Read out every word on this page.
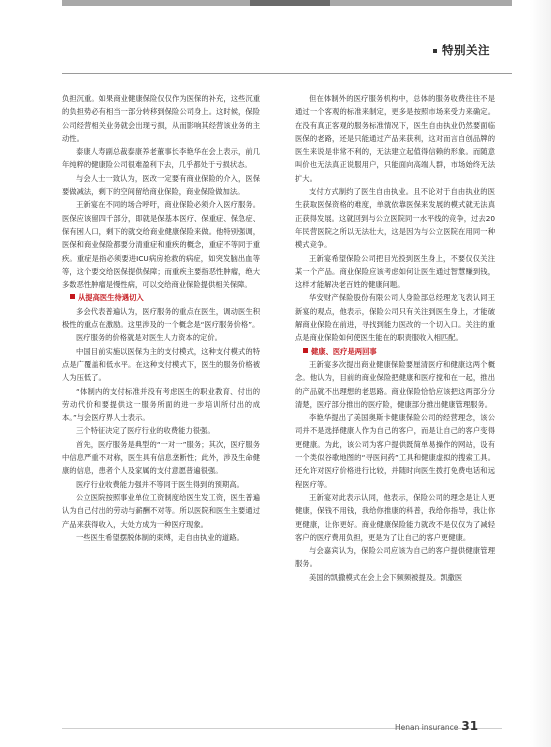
特别关注

负担沉重。如果商业健康保险仅仅作为医保的补充，这些沉重的负担势必有相当一部分转移到保险公司身上。这时候，保险公司经营相关业务就会出现亏损，从而影响其经营该业务的主动性。

泰康人寿副总裁泰康养老董事长李艳华在会上表示，前几年纯粹的健康险公司很难盈利下去，几乎都处于亏损状态。

与会人士一致认为，医改一定要有商业保险的介入，医保要做减法，剩下的空间留给商业保险，商业保险做加法。

王新宴在不同的场合呼吁，商业保险必须介入医疗服务。医保应该留四千部分，即就是保基本医疗、保重症、保急症、保有困人口，剩下的就交给商业健康保险来做。他特别强调，医保和商业保险都要分清重症和重疾的概念，重症不等同于重疾。重症是指必须要进ICU病房抢救的病症，如突发脑出血等等，这个要交给医保提供保障；而重疾主要指恶性肿瘤，绝大多数恶性肿瘤是慢性病，可以交给商业保险提供相关保障。

从提高医生待遇切入

多会代表普遍认为，医疗服务的重点在医生，调动医生积极性的重点在激励。这里涉及的一个概念是“医疗服务价格”。

医疗服务的价格就是对医生人力资本的定价。

中国目前实施以医保为主的支付模式，这种支付模式的特点是广覆盖和低水平。在这种支付模式下，医生的服务价格被人为压低了。

“体制内的支付标准并没有考虑医生的职业教育、付出的劳动代价和要提供这一服务所面的进一步培训所付出的成本。”与会医疗界人士表示。

三个特征决定了医疗行业的收费能力很强。

首先，医疗服务是典型的“一对一”服务；其次，医疗服务中信息严重不对称，医生具有信息垄断性；此外，涉及生命健康的信息，患者个人及家属的支付意愿普遍很强。

医疗行业收费能力强并不等同于医生得到的预期高。

公立医院按照事业单位工资制度给医生发工资，医生普遍认为自己付出的劳动与薪酬不对等。所以医院和医生主要通过产品来获得收入，大处方成为一种医疗现象。

一些医生希望摆脱体制的束缚，走自由执业的道路。

但在体制外的医疗服务机构中，总体的服务收费往往不是通过一个客观的标准来制定，更多是按照市场来受力来确定。在没有真正客观的服务标准情况下，医生自由执业仍然要面临医保的老路，还是只能通过产品来获利，这对而言自创品牌的医生来说是非常不利的，无法建立起值得信赖的形象。而随意叫价也无法真正说服用户，只能面向高端人群，市场始终无法扩大。

支付方式制约了医生自由执业。且不论对于自由执业的医生获取医保资格的难度，单就依靠医保来发展的模式就无法真正获得发展。这就回到与公立医院同一水平线的竞争，过去20年民营医院之所以无法壮大，这是因为与公立医院在用同一种模式竞争。

王新宴希望保险公司把目光投到医生身上，不要仅仅关注某一个产品。商业保险应该考虑如何让医生通过智慧赚到钱，这样才能解决老百姓的健康问题。

华安财产保险股份有限公司人身险部总经理龙飞表认同王新宴的观点，他表示，保险公司只有关注到医生身上，才能破解商业保险在前进，寻找到能力医改的一个切入口。关注的重点是商业保险如何使医生能在的职责服收入相匹配。

健康、医疗是两回事

王新宴多次提出商业健康保险要厘清医疗和健康这两个概念。他认为，目前的商业保险把健康和医疗搅和在一起，推出的产品就不出理想的老思路。商业保险恰恰应该把这两部分分清楚，医疗部分推出的医疗险，健康部分推出健康管理服务。

李艳华提出了美国奥斯卡健康保险公司的经营理念，该公司并不是选择健康人作为自己的客户，而是让自己的客户变得更健康。为此，该公司为客户提供既简单易操作的网站，设有一个类似谷歌地图的“寻医问药”工具和健康虚拟的搜索工具。还允许对医疗价格进行比较，并随时向医生拨打免费电话和远程医疗等。

王新宴对此表示认同，他表示，保险公司的理念是让人更健康，保钱不用钱，我给你推康的科普，我给你指导，我让你更健康，让你更好。商业健康保险能力就改不是仅仅为了减轻客户的医疗费用负担，更是为了让自己的客户更健康。

与会嘉宾认为，保险公司应该为自己的客户提供健康管理服务。

美国的凯撒模式在会上会下频频被提及。凯撒医

Henan insurance 31
